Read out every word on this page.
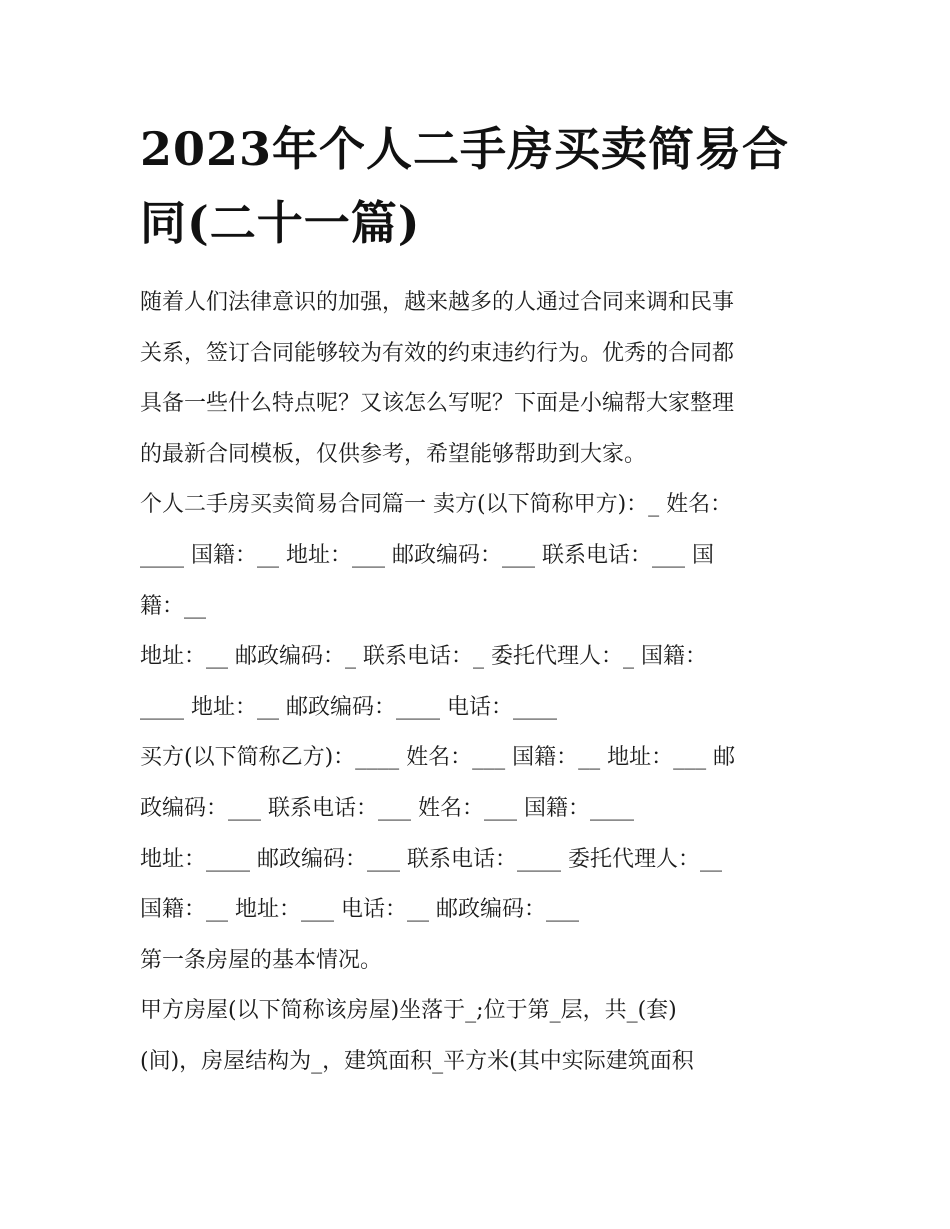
2023年个人二手房买卖简易合
同(二十一篇)

随着人们法律意识的加强，越来越多的人通过合同来调和民事
关系，签订合同能够较为有效的约束违约行为。优秀的合同都
具备一些什么特点呢？又该怎么写呢？下面是小编帮大家整理
的最新合同模板，仅供参考，希望能够帮助到大家。

个人二手房买卖简易合同篇一 卖方(以下简称甲方)：_ 姓名：
____ 国籍：__ 地址：___ 邮政编码：___ 联系电话：___ 国
籍：__

地址：__ 邮政编码：_ 联系电话：_ 委托代理人：_ 国籍：
____ 地址：__ 邮政编码：____ 电话：____

买方(以下简称乙方)：____ 姓名：___ 国籍：__ 地址：___ 邮
政编码：___ 联系电话：___ 姓名：___ 国籍：____

地址：____ 邮政编码：___ 联系电话：____ 委托代理人：__
国籍：__ 地址：___ 电话：__ 邮政编码：___

第一条房屋的基本情况。

甲方房屋(以下简称该房屋)坐落于_;位于第_层，共_(套)
(间)，房屋结构为_，建筑面积_平方米(其中实际建筑面积
